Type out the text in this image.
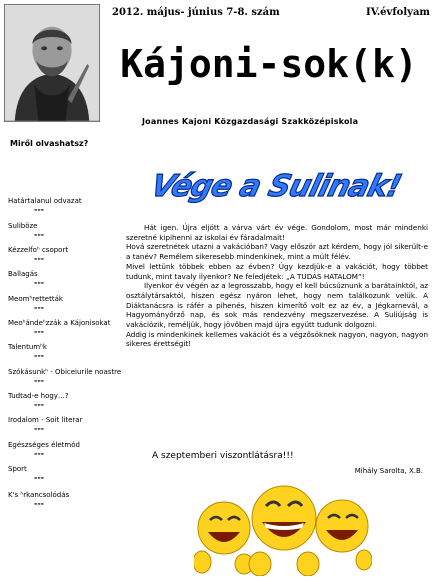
2012. május- június 7-8. szám	IV.évfolyam
Kájoni-sok(k)
Joannes Kajoni Közgazdasági Szakközépiskola
Miről olvashatsz?
Határtalanul odvazat
---
Suliböze
---
Kézzelfoʰ csoport
---
Ballagás
---
Meomʰrettetták
---
Meoʰándeʰzzák a Kájonisokat
---
Talentumʰk
---
Szókásunkʰ - Obiceiurile noastre
---
Tudtad-e hogy…?
---
Irodalom - Soit literar
---
Egészséges életmód
---
Sport
---
K's ʰrkancsolódás
---
Vége a Sulinak!

Hát igen. Újra eljött a várva várt év vége. Gondolom, most már mindenki szeretné kipihenni az iskolai év fáradalmait!

Hová szeretnétek utazni a vakációban? Vagy először azt kérdem, hogy jól sikerült-e a tanév? Remélem sikeresebb mindenkinek, mint a múlt félév.

Mivel lettünk többek ebben az évben? Úgy kezdjük-e a vakációt, hogy többet tudunk, mint tavaly ilyenkor? Ne feledjétek: „A TUDÁS HATALOM”!

Ilyenkor év végén az a legrosszabb, hogy el kell búcsúznunk a barátainktól, az osztálytársaktól, hiszen egész nyáron lehet, hogy nem találkozunk velük. A Diáktanácsra is ráfér a pihenés, hiszen kimerítő volt ez az év, a Jégkarnevál, a Hagyományőrző nap, és sok más rendezvény megszervezése. A Suliújság is vakációzik, reméljük, hogy jövőben majd újra együtt tudunk dolgozni.

Addig is mindenkinek kellemes vakációt és a végzősöknek nagyon, nagyon, nagyon sikeres érettségit!

A szeptemberi viszontlátásra!!!
Mihály Sarolta, X.B.
